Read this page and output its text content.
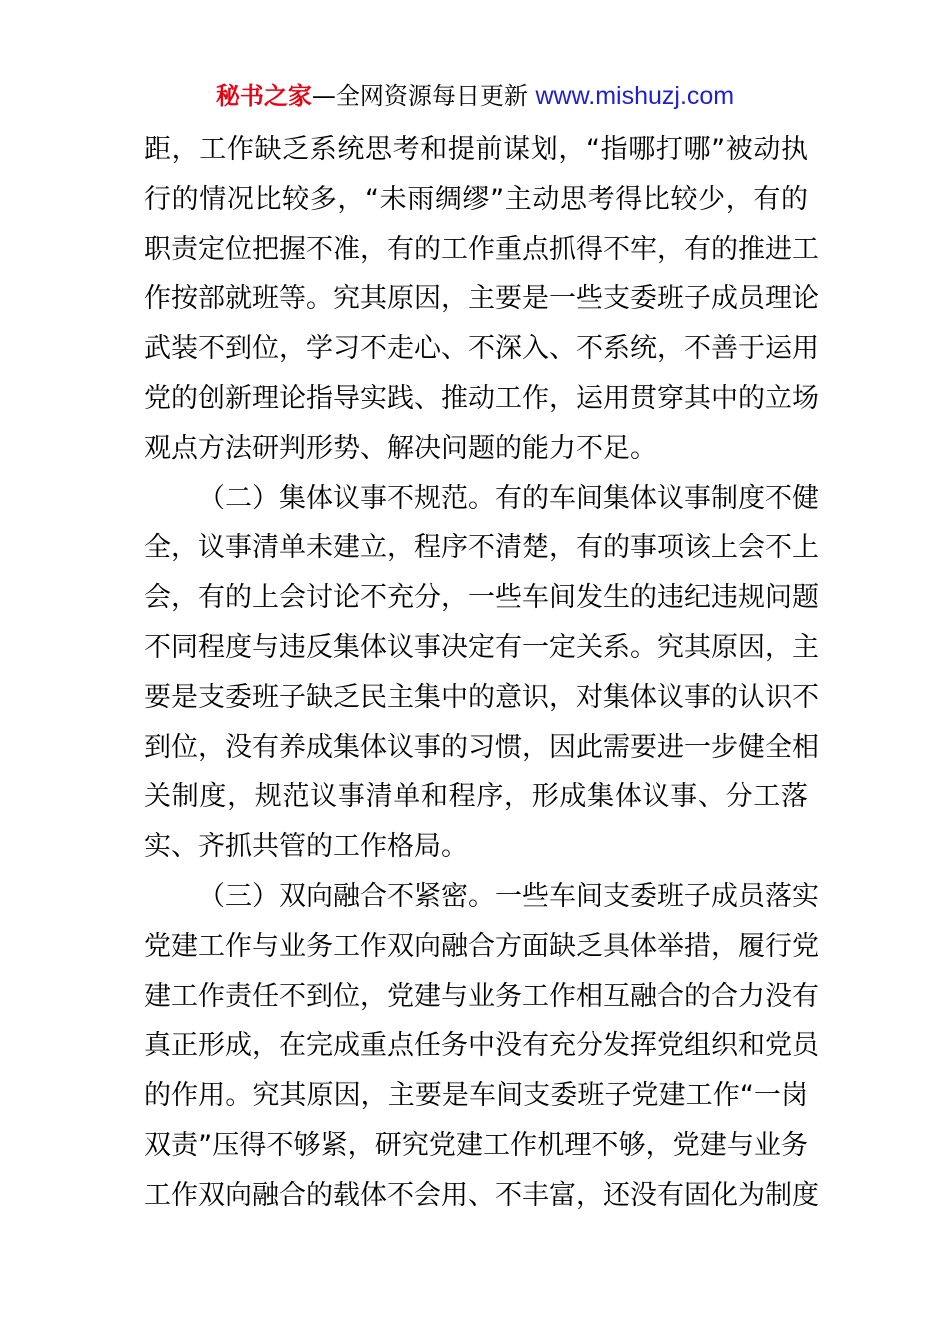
秘书之家—全网资源每日更新 www.mishuzj.com
距，工作缺乏系统思考和提前谋划，“指哪打哪”被动执
行的情况比较多，“未雨绸缪”主动思考得比较少，有的
职责定位把握不准，有的工作重点抓得不牢，有的推进工
作按部就班等。究其原因，主要是一些支委班子成员理论
武装不到位，学习不走心、不深入、不系统，不善于运用
党的创新理论指导实践、推动工作，运用贯穿其中的立场
观点方法研判形势、解决问题的能力不足。
（二）集体议事不规范。有的车间集体议事制度不健
全，议事清单未建立，程序不清楚，有的事项该上会不上
会，有的上会讨论不充分，一些车间发生的违纪违规问题
不同程度与违反集体议事决定有一定关系。究其原因，主
要是支委班子缺乏民主集中的意识，对集体议事的认识不
到位，没有养成集体议事的习惯，因此需要进一步健全相
关制度，规范议事清单和程序，形成集体议事、分工落
实、齐抓共管的工作格局。
（三）双向融合不紧密。一些车间支委班子成员落实
党建工作与业务工作双向融合方面缺乏具体举措，履行党
建工作责任不到位，党建与业务工作相互融合的合力没有
真正形成，在完成重点任务中没有充分发挥党组织和党员
的作用。究其原因，主要是车间支委班子党建工作“一岗
双责”压得不够紧，研究党建工作机理不够，党建与业务
工作双向融合的载体不会用、不丰富，还没有固化为制度
